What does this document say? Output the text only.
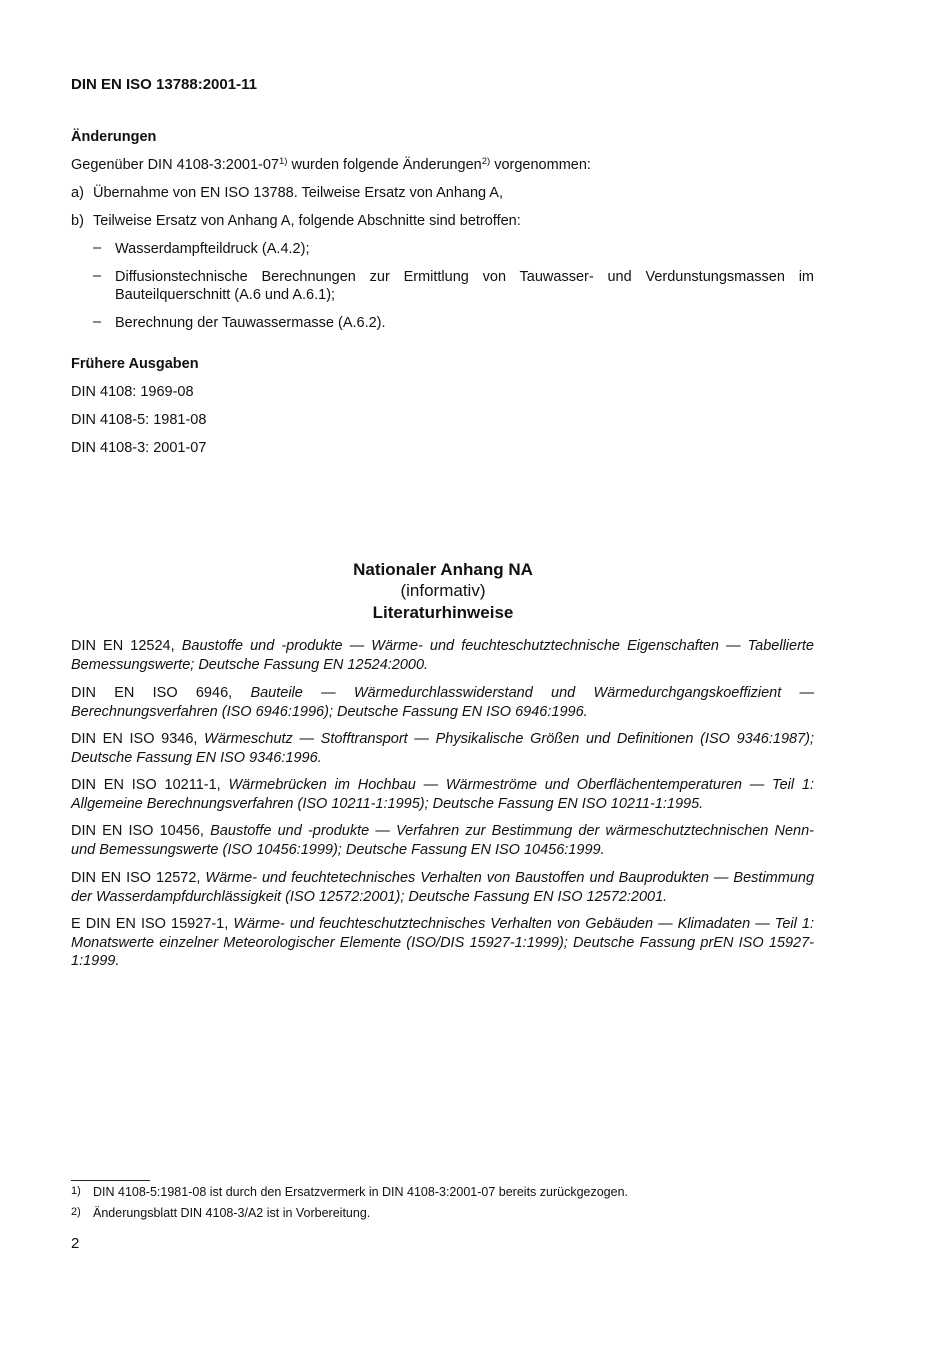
DIN EN ISO 13788:2001-11
Änderungen
Gegenüber DIN 4108-3:2001-07$^{1)}$ wurden folgende Änderungen$^{2)}$ vorgenommen:
a) Übernahme von EN ISO 13788. Teilweise Ersatz von Anhang A,
b) Teilweise Ersatz von Anhang A, folgende Abschnitte sind betroffen:
– Wasserdampfteildruck (A.4.2);
– Diffusionstechnische Berechnungen zur Ermittlung von Tauwasser- und Verdunstungsmassen im Bauteilquerschnitt (A.6 und A.6.1);
– Berechnung der Tauwassermasse (A.6.2).
Frühere Ausgaben
DIN 4108: 1969-08
DIN 4108-5: 1981-08
DIN 4108-3: 2001-07
Nationaler Anhang NA
(informativ)
Literaturhinweise
DIN EN 12524, Baustoffe und -produkte — Wärme- und feuchteschutztechnische Eigenschaften — Tabellierte Bemessungswerte; Deutsche Fassung EN 12524:2000.
DIN EN ISO 6946, Bauteile — Wärmedurchlasswiderstand und Wärmedurchgangskoeffizient — Berechnungsverfahren (ISO 6946:1996); Deutsche Fassung EN ISO 6946:1996.
DIN EN ISO 9346, Wärmeschutz — Stofftransport — Physikalische Größen und Definitionen (ISO 9346:1987); Deutsche Fassung EN ISO 9346:1996.
DIN EN ISO 10211-1, Wärmebrücken im Hochbau — Wärmeströme und Oberflächentemperaturen — Teil 1: Allgemeine Berechnungsverfahren (ISO 10211-1:1995); Deutsche Fassung EN ISO 10211-1:1995.
DIN EN ISO 10456, Baustoffe und -produkte — Verfahren zur Bestimmung der wärmeschutztechnischen Nenn- und Bemessungswerte (ISO 10456:1999); Deutsche Fassung EN ISO 10456:1999.
DIN EN ISO 12572, Wärme- und feuchtetechnisches Verhalten von Baustoffen und Bauprodukten — Bestimmung der Wasserdampfdurchlässigkeit (ISO 12572:2001); Deutsche Fassung EN ISO 12572:2001.
E DIN EN ISO 15927-1, Wärme- und feuchteschutztechnisches Verhalten von Gebäuden — Klimadaten — Teil 1: Monatswerte einzelner Meteorologischer Elemente (ISO/DIS 15927-1:1999); Deutsche Fassung prEN ISO 15927-1:1999.
1) DIN 4108-5:1981-08 ist durch den Ersatzvermerk in DIN 4108-3:2001-07 bereits zurückgezogen.
2) Änderungsblatt DIN 4108-3/A2 ist in Vorbereitung.
2
